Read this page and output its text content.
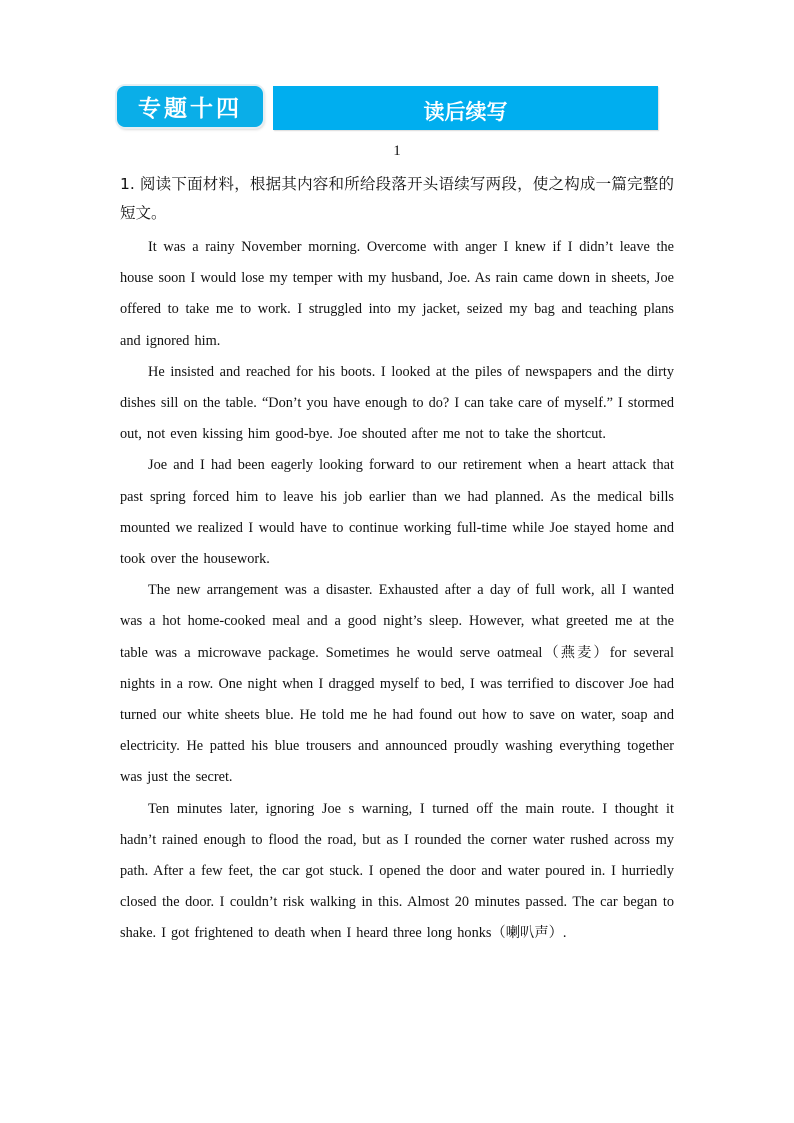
专题十四	读后续写
1

1. 阅读下面材料，根据其内容和所给段落开头语续写两段，使之构成一篇完整的短文。

It was a rainy November morning. Overcome with anger I knew if I didn’t leave the house soon I would lose my temper with my husband, Joe. As rain came down in sheets, Joe offered to take me to work. I struggled into my jacket, seized my bag and teaching plans and ignored him.

He insisted and reached for his boots. I looked at the piles of newspapers and the dirty dishes sill on the table. “Don’t you have enough to do? I can take care of myself.” I stormed out, not even kissing him good-bye. Joe shouted after me not to take the shortcut.

Joe and I had been eagerly looking forward to our retirement when a heart attack that past spring forced him to leave his job earlier than we had planned. As the medical bills mounted we realized I would have to continue working full-time while Joe stayed home and took over the housework.

The new arrangement was a disaster. Exhausted after a day of full work, all I wanted was a hot home-cooked meal and a good night’s sleep. However, what greeted me at the table was a microwave package. Sometimes he would serve oatmeal（燕麦）for several nights in a row. One night when I dragged myself to bed, I was terrified to discover Joe had turned our white sheets blue. He told me he had found out how to save on water, soap and electricity. He patted his blue trousers and announced proudly washing everything together was just the secret.

Ten minutes later, ignoring Joe s warning, I turned off the main route. I thought it hadn’t rained enough to flood the road, but as I rounded the corner water rushed across my path. After a few feet, the car got stuck. I opened the door and water poured in. I hurriedly closed the door. I couldn’t risk walking in this. Almost 20 minutes passed. The car began to shake. I got frightened to death when I heard three long honks（喇叭声）.
